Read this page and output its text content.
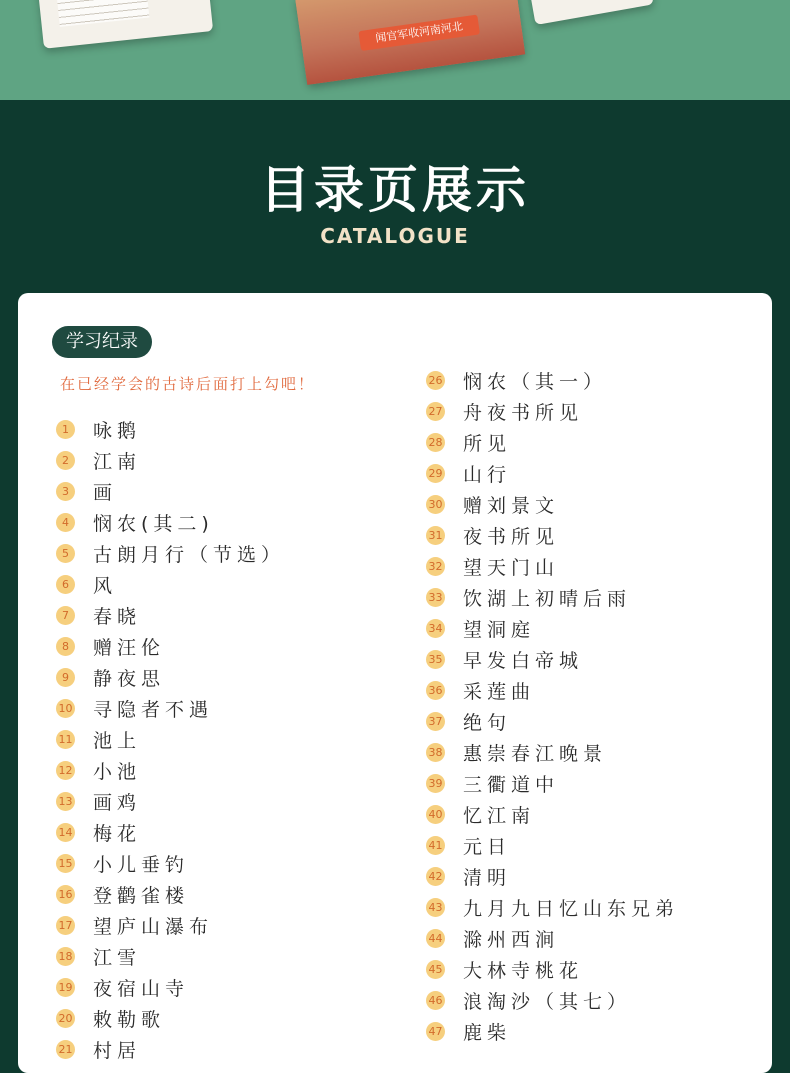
闻官军收河南河北
目录页展示
CATALOGUE
学习纪录
在已经学会的古诗后面打上勾吧！
1	咏鹅
2	江南
3	画
4	悯农(其二)
5	古朗月行（节选）
6	风
7	春晓
8	赠汪伦
9	静夜思
10 寻隐者不遇
11 池上
12 小池
13 画鸡
14 梅花
15 小儿垂钓
16 登鹳雀楼
17 望庐山瀑布
18 江雪
19 夜宿山寺
20 敕勒歌
21 村居
26 悯农（其一）
27 舟夜书所见
28 所见
29 山行
30 赠刘景文
31 夜书所见
32 望天门山
33 饮湖上初晴后雨
34 望洞庭
35 早发白帝城
36 采莲曲
37 绝句
38 惠崇春江晚景
39 三衢道中
40 忆江南
41 元日
42 清明
43 九月九日忆山东兄弟
44 滁州西涧
45 大林寺桃花
46 浪淘沙（其七）
47 鹿柴
